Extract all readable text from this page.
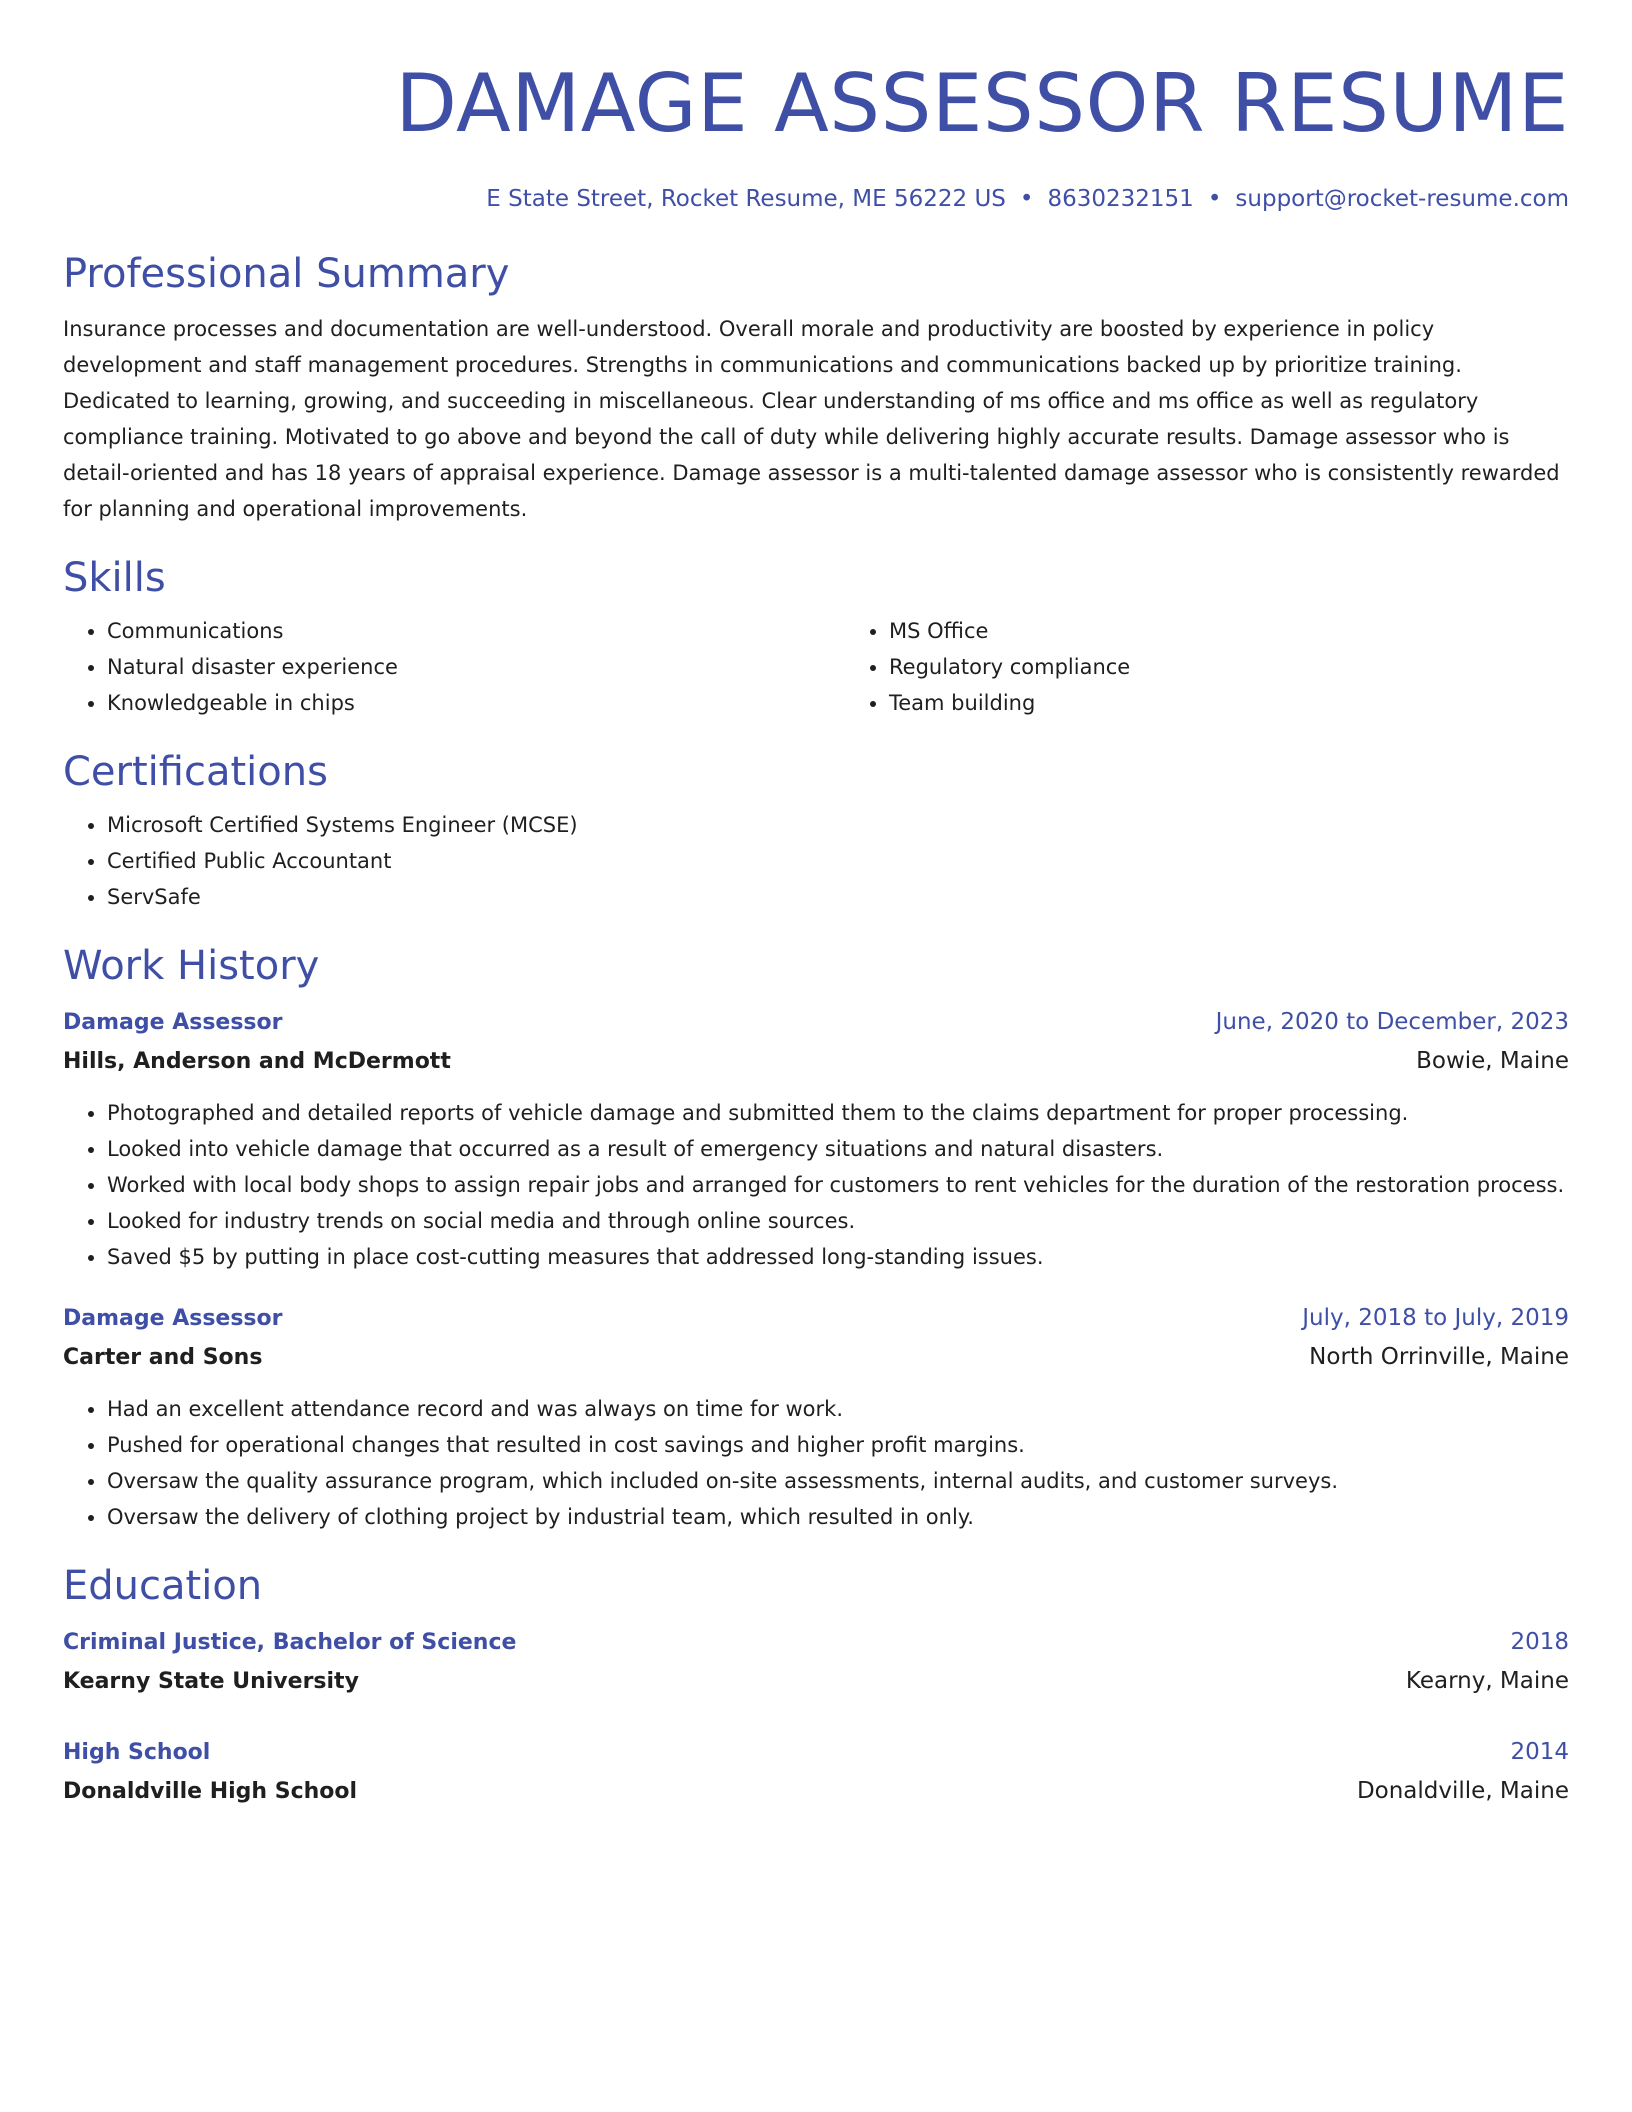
DAMAGE ASSESSOR RESUME
E State Street, Rocket Resume, ME 56222 US • 8630232151 • support@rocket-resume.com
Professional Summary

Insurance processes and documentation are well-understood. Overall morale and productivity are boosted by experience in policy development and staff management procedures. Strengths in communications and communications backed up by prioritize training. Dedicated to learning, growing, and succeeding in miscellaneous. Clear understanding of ms office and ms office as well as regulatory compliance training. Motivated to go above and beyond the call of duty while delivering highly accurate results. Damage assessor who is detail-oriented and has 18 years of appraisal experience. Damage assessor is a multi-talented damage assessor who is consistently rewarded for planning and operational improvements.

Skills
• Communications
• Natural disaster experience
• Knowledgeable in chips
• MS Office
• Regulatory compliance
• Team building
Certifications
• Microsoft Certified Systems Engineer (MCSE)
• Certified Public Accountant
• ServSafe
Work History
Damage Assessor	June, 2020 to December, 2023
Hills, Anderson and McDermott	Bowie, Maine
• Photographed and detailed reports of vehicle damage and submitted them to the claims department for proper processing.
• Looked into vehicle damage that occurred as a result of emergency situations and natural disasters.
• Worked with local body shops to assign repair jobs and arranged for customers to rent vehicles for the duration of the restoration process.
• Looked for industry trends on social media and through online sources.
• Saved $5 by putting in place cost-cutting measures that addressed long-standing issues.
Damage Assessor	July, 2018 to July, 2019
Carter and Sons	North Orrinville, Maine
• Had an excellent attendance record and was always on time for work.
• Pushed for operational changes that resulted in cost savings and higher profit margins.
• Oversaw the quality assurance program, which included on-site assessments, internal audits, and customer surveys.
• Oversaw the delivery of clothing project by industrial team, which resulted in only.
Education
Criminal Justice, Bachelor of Science	2018
Kearny State University	Kearny, Maine
High School	2014
Donaldville High School	Donaldville, Maine
